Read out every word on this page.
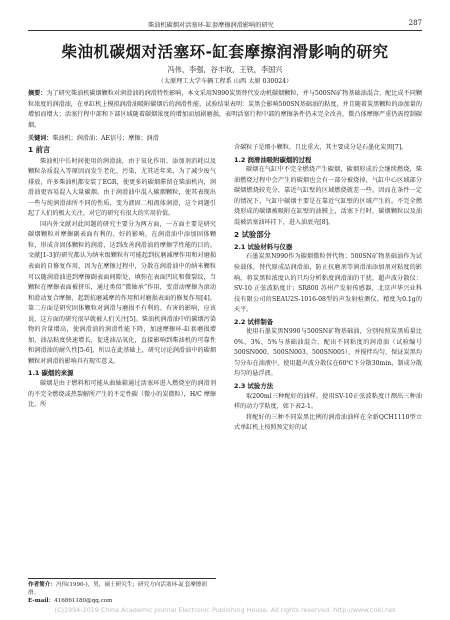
柴油机碳烟对活塞环-缸套摩擦润滑影响的研究	287
柴油机碳烟对活塞环-缸套摩擦润滑影响的研究
冯伟，李强，谷丰收，王铁，李国兴
（太原理工大学车辆工程系 山西 太原 030024）
摘要：为了研究柴油机碳烟颗粒对润滑油的润滑特性影响，本文采用N990炭黑替代发动机碳烟颗粒，并与500SN矿物基础油混合，配比成不同颗粒浓度的润滑油，在单缸机上模拟润滑油吸附碳烟后的润滑性能，试验结果表明：炭黑会影响500SN基础油的粘度，并且随着炭黑颗粒的添加量的增加而增大；活塞行程中部和下部区域随着碳烟浓度的增加而加剧磨损，表明活塞行程中部的摩擦条件仍未完全改善，微凸体摩擦严重仍需控制碳烟。
关键词：柴油机；润滑油；AE信号；摩擦；润滑
1 前言

柴油机中长时间使用的润滑油，由于氧化作用、添加剂消耗以及颗粒杂质混入等原因而发生老化、污染，尤其近年来，为了减少废气排放，许多柴油机都安装了EGR，使更多的碳烟滞留在柴油机内，润滑油更容易混入大量碳烟。由于润滑油中混入碳烟颗粒，使其表现出一些与纯润滑油所不同的性质，变为液固二相流体润滑，这个问题引起了人们的极大关注，对它的研究有很大的实用价值。

国内外文献对此问题的研究主要分为两方面，一方面主要是研究碳烟颗粒对摩擦副表面有利的、好的影响，在润滑油中添加固体颗粒，形成含固体颗粒的润滑，达到改善润滑油的摩擦学性能的目的。文献[1-3]的研究都认为纳米级颗粒有可能起到抗磨减摩作用和对磨损表面的自修复作用，因为在摩擦过程中，分散在润滑油中的纳米颗粒可以随润滑油进到摩擦副表面间隙处，填弥在表面凹坑和微裂纹，当颗粒在摩擦表面被挤压，通过类似“微轴承”作用，变滑动摩擦为滚动和滑动复合摩擦，起到抗磨减摩的作用和对磨损表面的修复作用[4]。第二方面是研究固体颗粒对润滑与磨损不有利的、有害的影响，应该说，这方面的研究很早就被人们关注[5]。柴油机润滑油中的碳烟污染物的含量增高，使润滑油的润滑性能下降，加速摩擦环-缸套磨损增加，油品粘度快速增长，促进油品氧化，直接影响到柴油机的可靠性和润滑油的耐久性[5-6]，所以在此基础上，研究讨论润滑油中的碳烟颗粒对润滑的影响具有现实意义。

1.1 碳烟的来源

碳烟是由于燃料和可能从曲轴箱通过活塞环进入燃烧室的润滑剂的不完全燃烧或热裂解所产生的不定性碳（微小的炭微粒），H/C 摩擦比，所

含碳粒子是细小颗粒，且比重大，其主要成分是石墨化炭黑[7]。

1.2 润滑油吸附碳烟的过程

碳烟在气缸中不完全燃烧产生碳烟，碳烟形成后会继续燃烧，柴油燃烧过程中会产生的碳烟也会有一部分被烧掉，气缸中心区域部分碳烟燃烧较充分，靠近气缸壁的区域燃烧就差一些。因而在条件一定的情况下，气缸中碳烟主要是在靠近气缸壁的区域产生的。不完全燃烧形成的碳烟被吸附在缸壁的油膜上，活塞下行时，碳烟颗粒以及油混被活塞油环挂下，进入油底壳[8]。

2 试验部分
2.1 试验材料与仪器

石墨炭黑N990作为碳烟微粒替代物；500SN矿物基础油作为试验载体，替代原成品润滑油，防止抗磨剂等润滑油添加剂对粘度的影响。将炭黑粒浓度认的只均分析粘度润滑油的干扰，超声波分散仪：SV-10 正弦波粘度计；SR800 苏州产发射传感器，北京声华兴业科技有限公司的SEAU2S-1016-08型的声发射检测仪，精度为0.1g的天平。

2.2 试样制备

使用石墨炭黑N990与500SN矿物基础油，分别按照炭黑质量比0%、3%、5%与基础油混合，配出不同粘度的润滑油（试验编号500SN000、500SN003、500SN005），并搅拌均匀，保证炭黑均匀分布在油液中，使用超声波分散仪在60℃下分散30min，制成分散均匀的悬浮液。

2.3 试验方法

取200ml三种配好的油样，使用SV-10正弦波粘度计测出三种油样的动力学粘度，如下表2-1。

将配好的三种不同炭黑比例的润滑油油样在全新QCH1110型立式单缸机上按照预定好的试

作者简介：冯伟(1990-)，男，硕士研究生；研究方向活塞环-缸套摩擦润滑。
E-mail：416861180@qq.com
(C)1994-2019 China Academic Journal Electronic Publishing House. All rights reserved. http://www.cnki.net
